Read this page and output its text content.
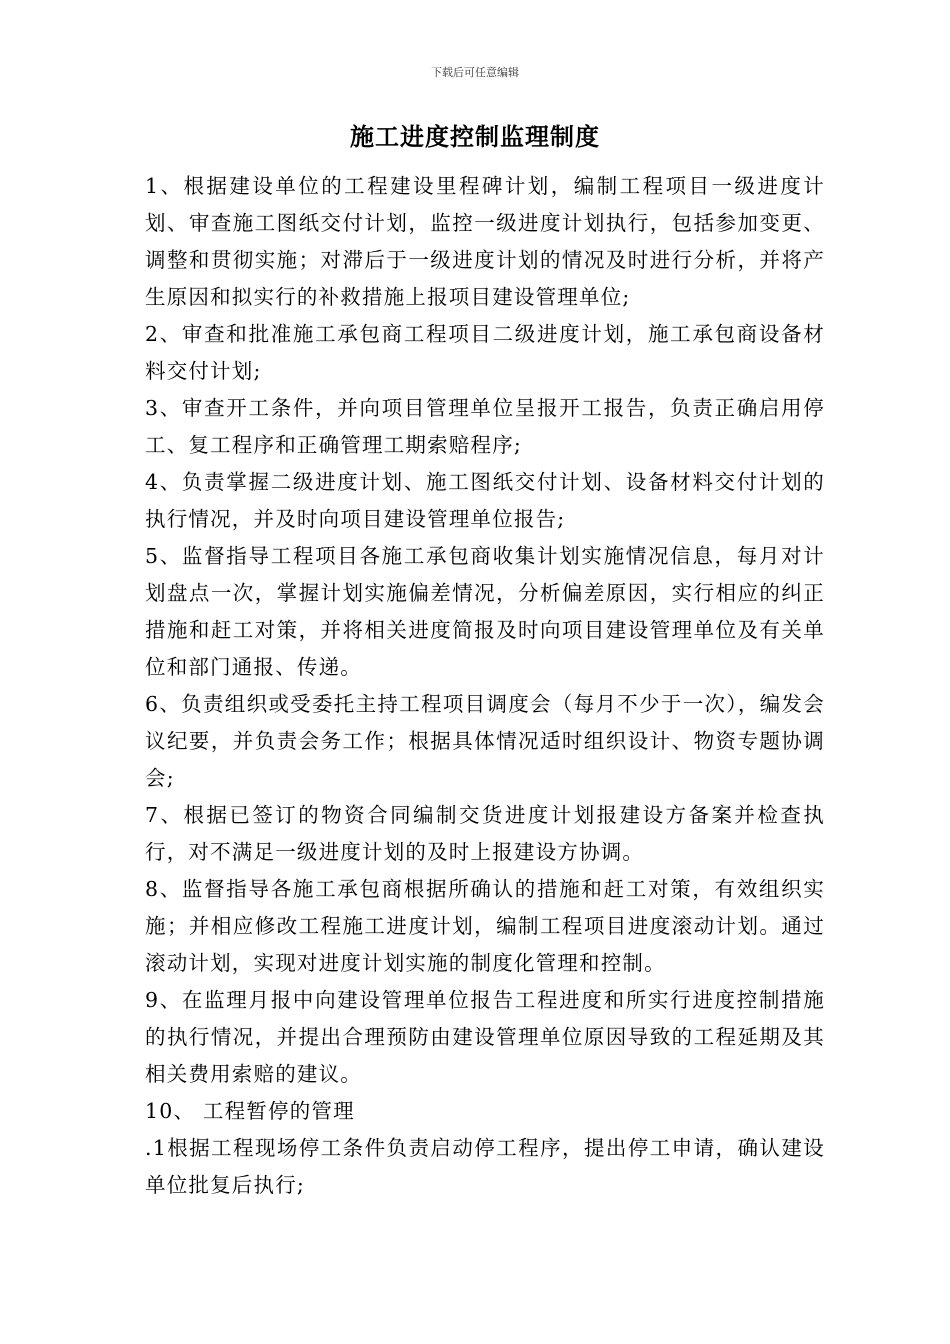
下载后可任意编辑
施工进度控制监理制度

1、根据建设单位的工程建设里程碑计划，编制工程项目一级进度计划、审查施工图纸交付计划，监控一级进度计划执行，包括参加变更、调整和贯彻实施；对滞后于一级进度计划的情况及时进行分析，并将产生原因和拟实行的补救措施上报项目建设管理单位;

2、审查和批准施工承包商工程项目二级进度计划，施工承包商设备材料交付计划;

3、审查开工条件，并向项目管理单位呈报开工报告，负责正确启用停工、复工程序和正确管理工期索赔程序;

4、负责掌握二级进度计划、施工图纸交付计划、设备材料交付计划的执行情况，并及时向项目建设管理单位报告;

5、监督指导工程项目各施工承包商收集计划实施情况信息，每月对计划盘点一次，掌握计划实施偏差情况，分析偏差原因，实行相应的纠正措施和赶工对策，并将相关进度简报及时向项目建设管理单位及有关单位和部门通报、传递。

6、负责组织或受委托主持工程项目调度会（每月不少于一次），编发会议纪要，并负责会务工作；根据具体情况适时组织设计、物资专题协调会;

7、根据已签订的物资合同编制交货进度计划报建设方备案并检查执行，对不满足一级进度计划的及时上报建设方协调。

8、监督指导各施工承包商根据所确认的措施和赶工对策，有效组织实施；并相应修改工程施工进度计划，编制工程项目进度滚动计划。通过滚动计划，实现对进度计划实施的制度化管理和控制。

9、在监理月报中向建设管理单位报告工程进度和所实行进度控制措施的执行情况，并提出合理预防由建设管理单位原因导致的工程延期及其相关费用索赔的建议。

10、 工程暂停的管理

.1根据工程现场停工条件负责启动停工程序，提出停工申请，确认建设单位批复后执行;
